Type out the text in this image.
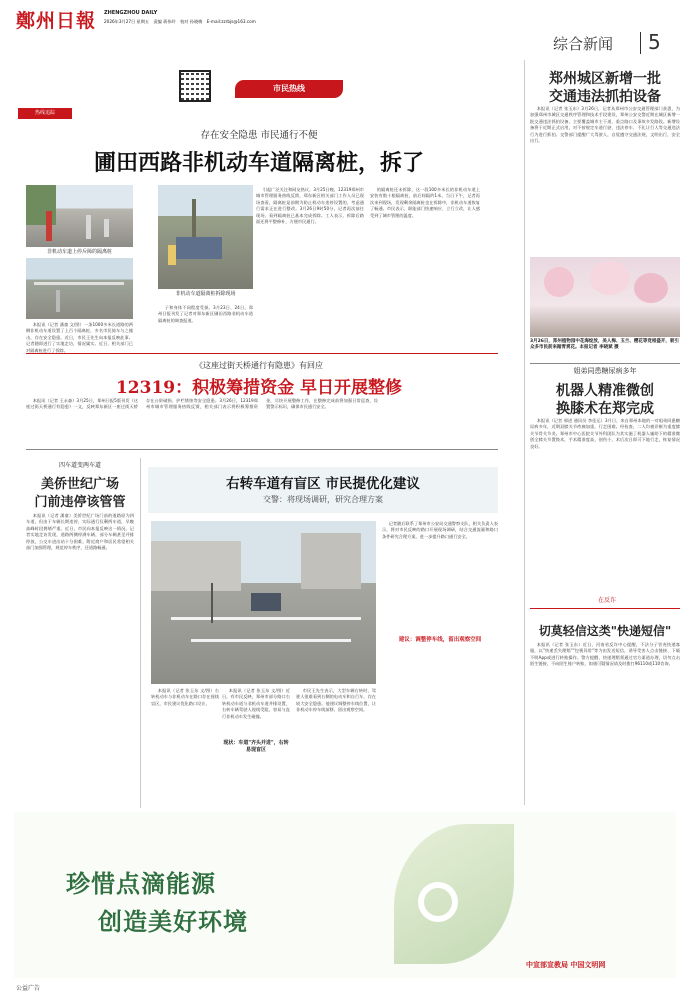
鄭州日報 ZHENGZHOU DAILY
2026年3月27日 星期五 责编 蒋伟玲 校对 孙晓梅 E-mail:zzrbjs@163.com
综合新闻 5
市民热线
热线追踪
存在安全隐患 市民通行不便
圃田西路非机动车道隔离桩，拆了
非机动车道上停斥障的隔离桩
非机动车道隔离桩拆除现场

本报讯（记者 潘童 文/图）一条1000多米长道路的两侧非机动车道设置了上百个隔离桩，多名市民骑车与之撞击，存在安全隐患。近日，市民王先生向本报反映此事。记者随即进行了实地走访，情况属实。近日，相关部门已对隔离桩进行了拆除。

子和身体不同程度受损。3月23日、24日，郑州日报刊发了记者对郑东新区圃田西路非机动车道隔离桩的调查报道。

引起广泛关注和网友热议。3月25日晚，12319郑州市城市管理服务热线反馈，郑东新区相关部门工作人员已现场查看，隔离桩是前期为防止机动车违停设置的，考虑通行需求正在进行整改。3月26日9时50分，记者再次前往现场，看到隔离桩已基本完成拆除。工人表示，拆除后路面还将平整修补，方便市民通行。

的隔离桩还未拆除，这一段100多米长的非机动车道上安装有数十根隔离桩，前后间隔约1米。当日下午，记者再次来到现场，发现剩余隔离桩也在拆除中，非机动车道恢复了畅通。市民表示，职能部门快速响应、立行立改，让人感受到了城市管理的温度。

《这座过街天桥通行有隐患》有回应
12319：积极筹措资金 早日开展整修

本报讯（记者 王永森）3月25日，郑州日报5版刊发《这座过街天桥通行有隐患》一文，反映郑东新区一座过街天桥存在台阶破损、护栏锈蚀等安全隐患。3月26日，12319郑州市城市管理服务热线反馈，相关部门表示将积极筹措资金，尽快开展整修工作，在整修完成前将加强日常巡查，设置警示标识，确保市民通行安全。

四车道变两车道
美侨世纪广场
门前违停该管管

本报讯（记者 潘童）美侨世纪广场门前的道路原为四车道，但由于车辆长期违停，实际通行仅剩两车道，早晚高峰时段拥堵严重。近日，市民向本报反映这一情况。记者实地走访发现，道路两侧停满车辆，部分车辆甚至并排停放，公交车进出站十分困难。附近商户和居民希望相关部门加强管理，规范停车秩序，还道路畅通。

右转车道有盲区 市民提优化建议
交警：将现场调研，研究合理方案

本报讯（记者 张玉东 文/图）右转机动车与非机动车在路口存在视线盲区，市民建议优化路口设计。

本报讯（记者 张玉东 文/图）近日，有市民反映，郑州市部分路口右转机动车道与非机动车道并排设置，右转车辆驾驶人视线受阻，容易与直行非机动车发生碰撞。

现状：车道"齐头并进"，右转易现盲区

市民王先生表示，大型车辆右转时，驾驶人很难看到右侧的电动车和自行车，存在较大安全隐患。他建议调整停车线位置，让非机动车停车线前移，留出观察空间。

记者随后联系了郑州市公安局交通警察支队，相关负责人表示，将对市民反映的路口开展现场调研，结合交通流量和路口条件研究合理方案，进一步提升路口通行安全。

建议：调整停车线，留出观察空间
郑州城区新增一批
交通违法抓拍设备

本报讯（记者 张玉东）3月26日，记者从郑州市公安交通管理部门获悉，为加强郑州市城区交通秩序管理和技术手段建设，郑州公安交警近期在城区新增一批交通违法抓拍设备，主要覆盖城市主干道、重点路口及事故多发路段。新增设备将于近期正式启用，对不按规定车道行驶、违法停车、不礼让行人等交通违法行为进行抓拍。交警部门提醒广大驾驶人，自觉遵守交通法规，文明出行，安全出行。

3月26日，郑州植物园中花海绽放，美人梅、玉兰、樱花等竞相盛开，吸引众多市民前来踏青赏花。本报记者 李晓斌 摄
姐弟同患糖尿病多年
机器人精准微创
换膝术在郑完成

本报讯（记者 邢进 通讯员 李佳运）3月日，来自郑州本地的一对姐弟同患糖尿病多年，近期双膝关节疼痛加重，行走困难。经检查，二人均被诊断为重度膝关节骨关节炎。郑州市中心医院关节外科团队为其实施了机器人辅助下的精准微创全膝关节置换术，手术精准度高，创伤小，术后次日即可下地行走，恢复情况良好。

在反诈
切莫轻信这类"快递短信"

本报讯（记者 张玉东）近日，河南省反诈中心提醒，不法分子冒充快递客服，以"快递丢失理赔""包裹异常"等为由发送短信，诱导受害人点击链接、下载不明App或进行转账操作。警方提醒，快递理赔须通过官方渠道办理，切勿点击陌生链接，不向陌生账户转账，如遇可疑情况请及时拨打96110或110咨询。

珍惜点滴能源
创造美好环境
中宣部宣教局 中国文明网
公益广告
